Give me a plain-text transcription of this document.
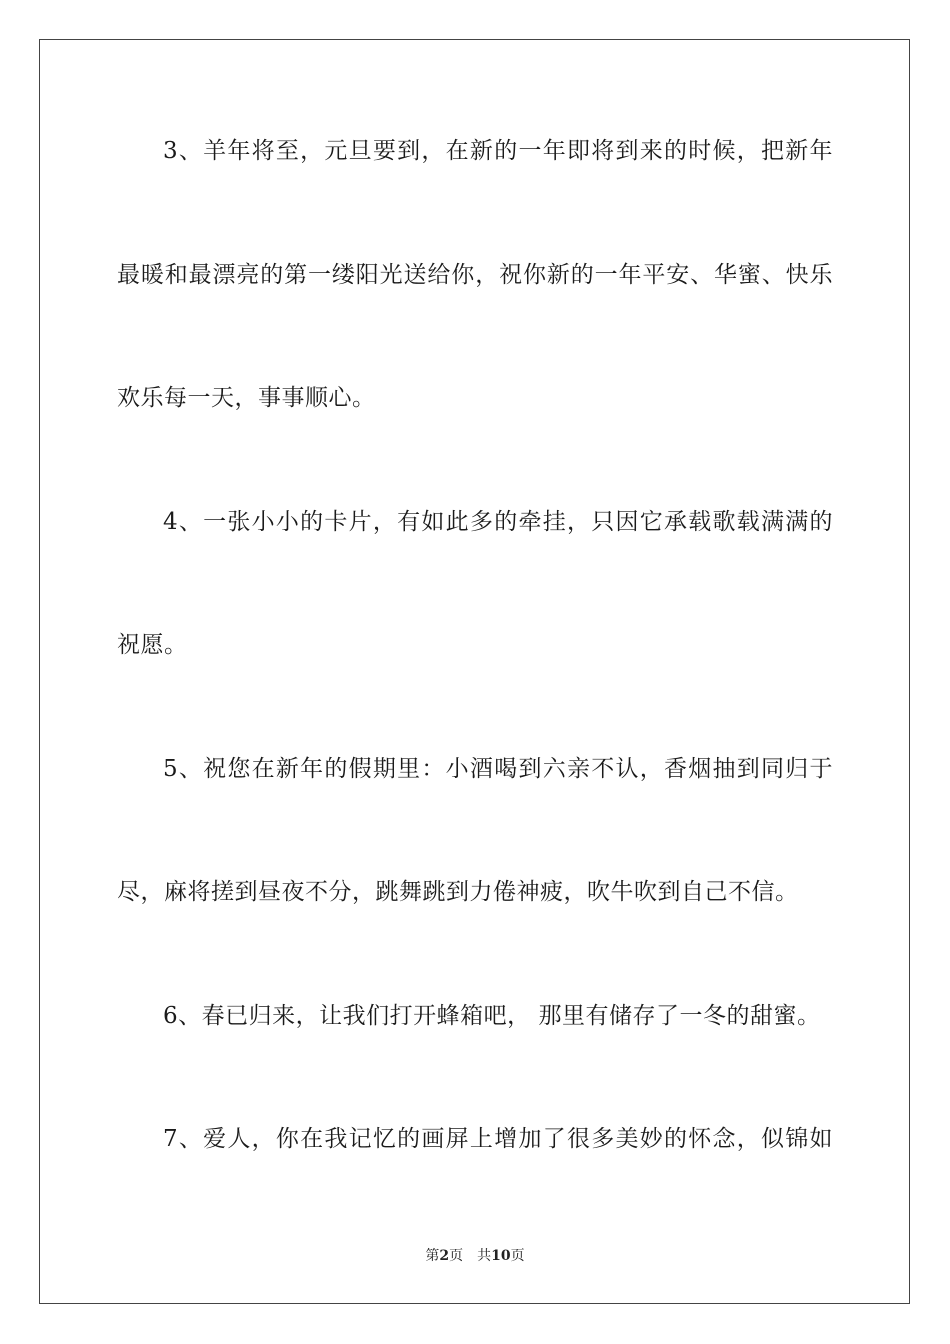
3、羊年将至，元旦要到，在新的一年即将到来的时候，把新年
最暖和最漂亮的第一缕阳光送给你，祝你新的一年平安、华蜜、快乐
欢乐每一天，事事顺心。
4、一张小小的卡片，有如此多的牵挂，只因它承载歌载满满的
祝愿。
5、祝您在新年的假期里：小酒喝到六亲不认，香烟抽到同归于
尽，麻将搓到昼夜不分，跳舞跳到力倦神疲，吹牛吹到自己不信。
6、春已归来，让我们打开蜂箱吧， 那里有储存了一冬的甜蜜。
7、爱人，你在我记忆的画屏上增加了很多美妙的怀念，似锦如
第2页 共10页
